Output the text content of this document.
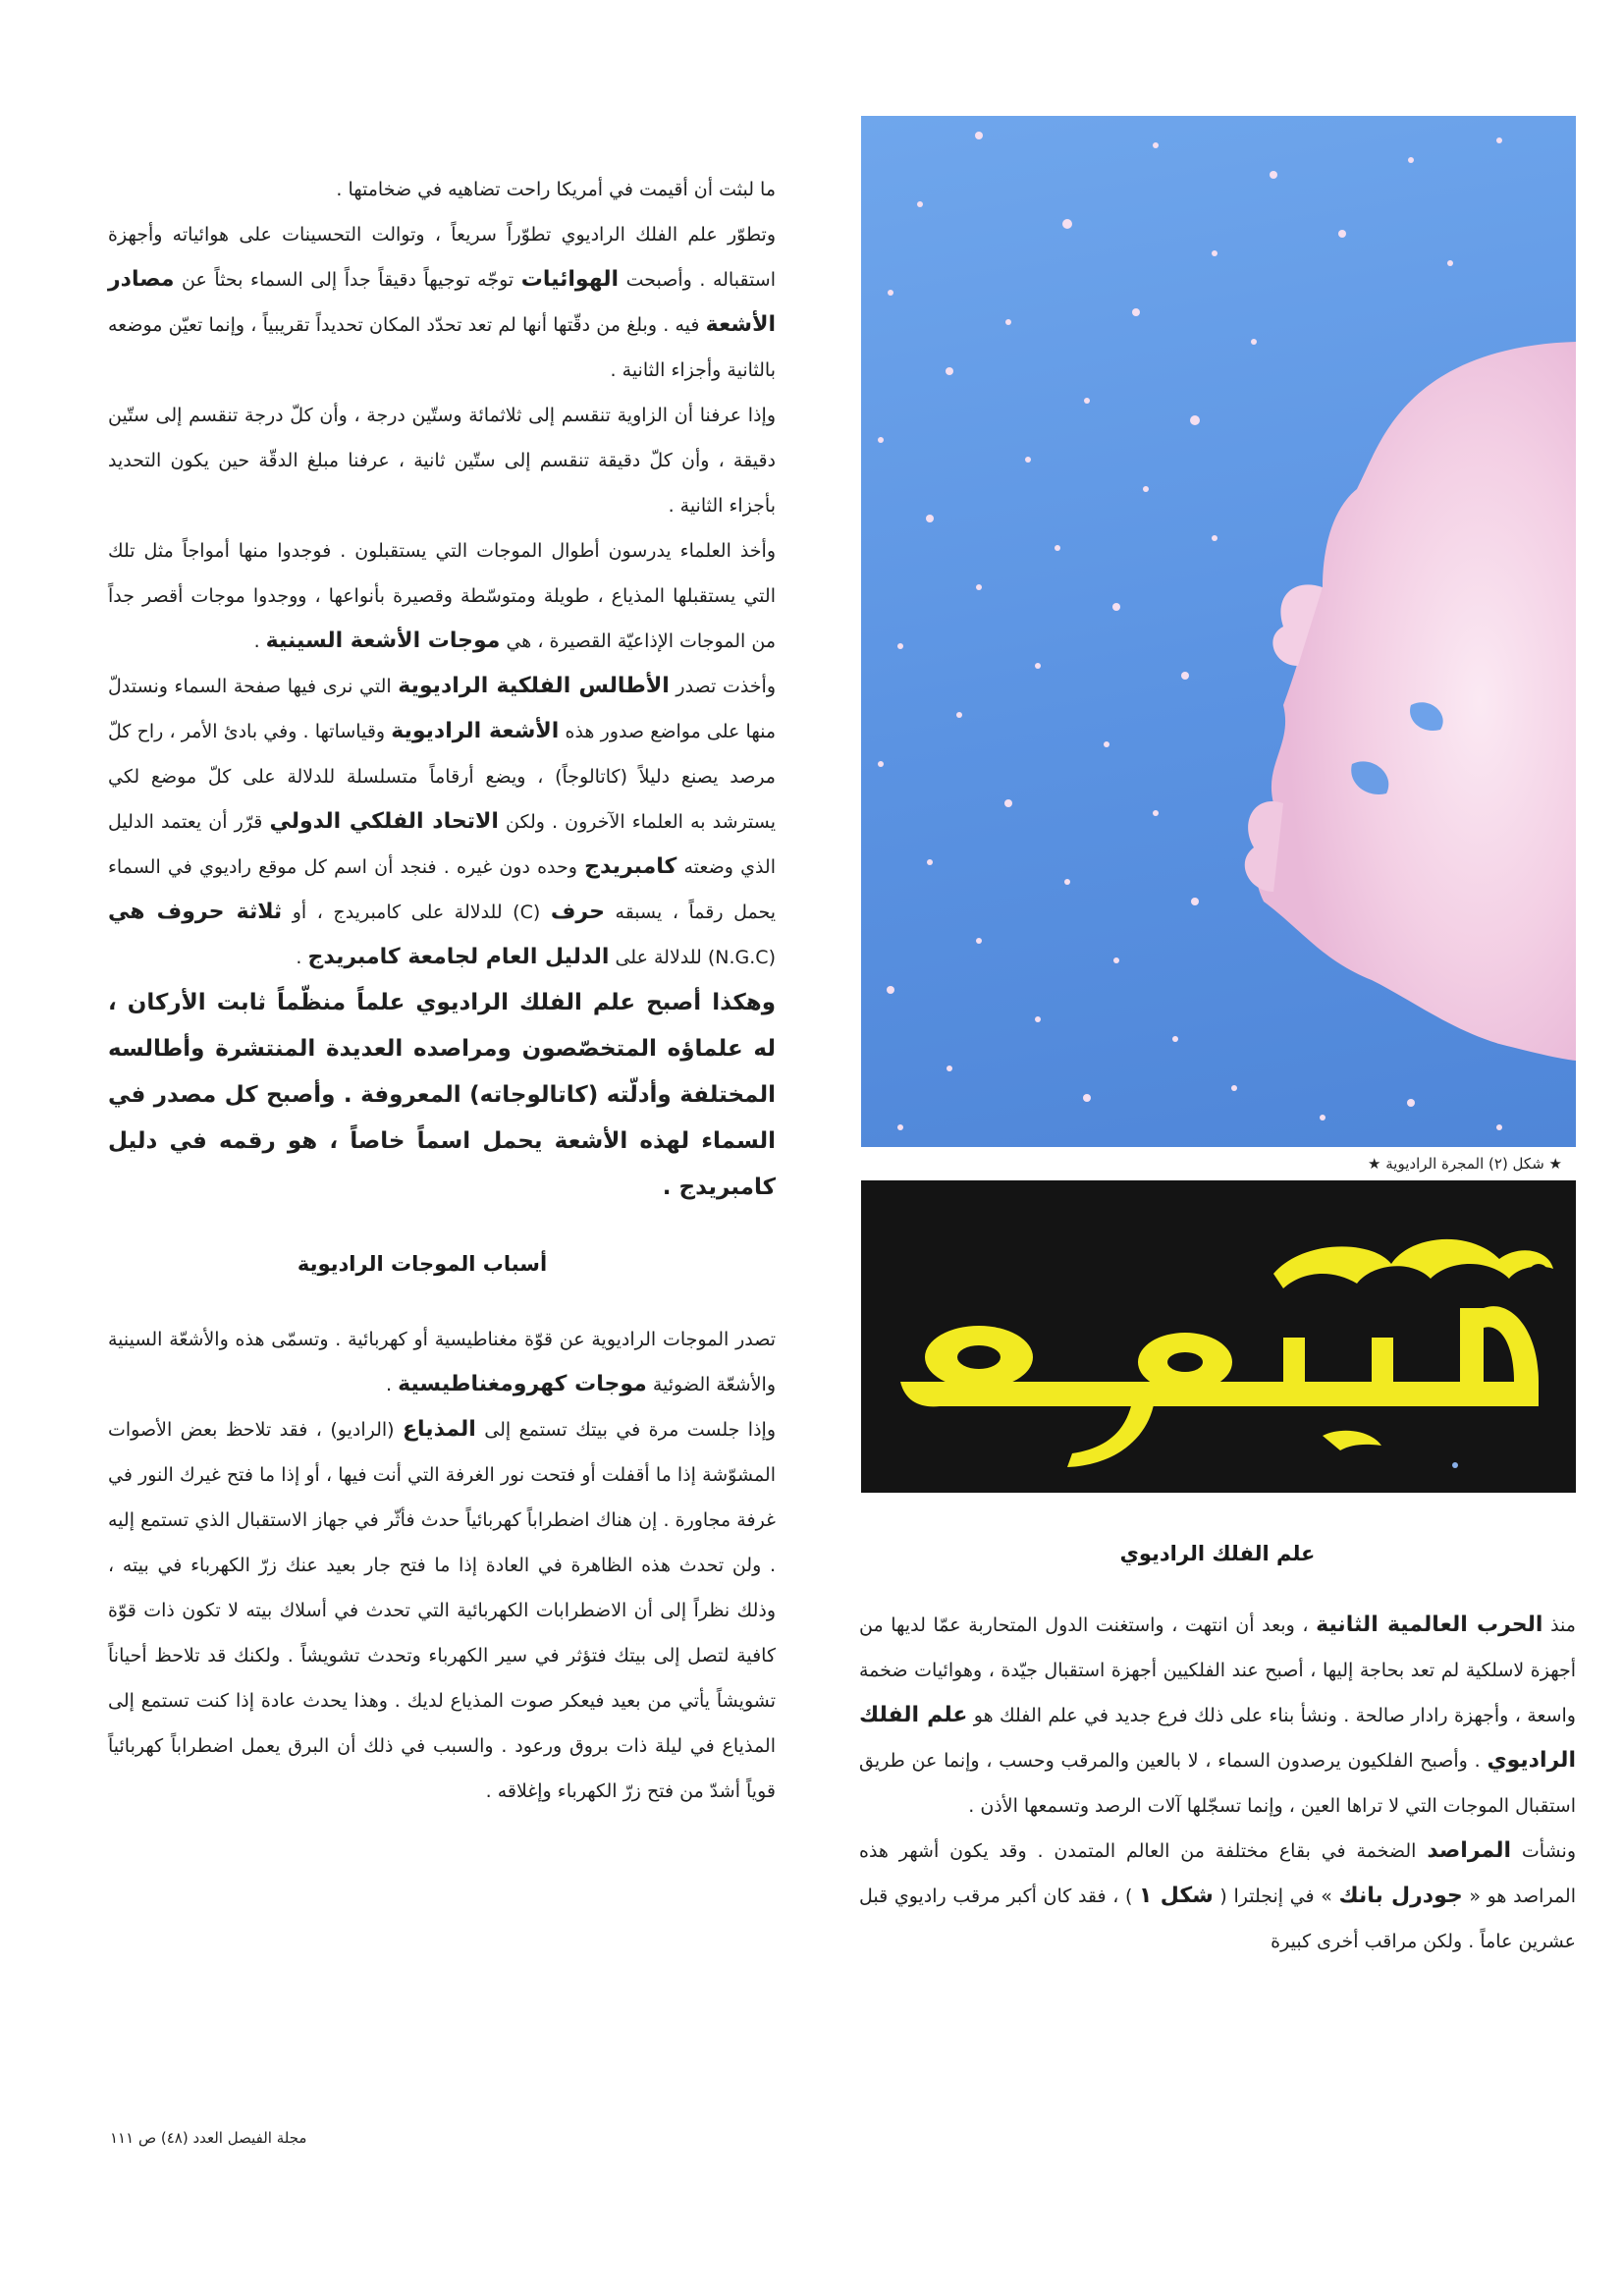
★ شكل (٢) المجرة الراديوية ★
علم الفلك الراديوي

منذ الحرب العالمية الثانية ، وبعد أن انتهت ، واستغنت الدول المتحاربة عمّا لديها من أجهزة لاسلكية لم تعد بحاجة إليها ، أصبح عند الفلكيين أجهزة استقبال جيّدة ، وهوائيات ضخمة واسعة ، وأجهزة رادار صالحة . ونشأ بناء على ذلك فرع جديد في علم الفلك هو علم الفلك الراديوي . وأصبح الفلكيون يرصدون السماء ، لا بالعين والمرقب وحسب ، وإنما عن طريق استقبال الموجات التي لا تراها العين ، وإنما تسجّلها آلات الرصد وتسمعها الأذن .

ونشأت المراصد الضخمة في بقاع مختلفة من العالم المتمدن . وقد يكون أشهر هذه المراصد هو « جودرل بانك » في إنجلترا ( شكل ١ ) ، فقد كان أكبر مرقب راديوي قبل عشرين عاماً . ولكن مراقب أخرى كبيرة

ما لبثت أن أقيمت في أمريكا راحت تضاهيه في ضخامتها .

وتطوّر علم الفلك الراديوي تطوّراً سريعاً ، وتوالت التحسينات على هوائياته وأجهزة استقباله . وأصبحت الهوائيات توجّه توجيهاً دقيقاً جداً إلى السماء بحثاً عن مصادر الأشعة فيه . وبلغ من دقّتها أنها لم تعد تحدّد المكان تحديداً تقريبياً ، وإنما تعيّن موضعه بالثانية وأجزاء الثانية .

وإذا عرفنا أن الزاوية تنقسم إلى ثلاثمائة وستّين درجة ، وأن كلّ درجة تنقسم إلى ستّين دقيقة ، وأن كلّ دقيقة تنقسم إلى ستّين ثانية ، عرفنا مبلغ الدقّة حين يكون التحديد بأجزاء الثانية .

وأخذ العلماء يدرسون أطوال الموجات التي يستقبلون . فوجدوا منها أمواجاً مثل تلك التي يستقبلها المذياع ، طويلة ومتوسّطة وقصيرة بأنواعها ، ووجدوا موجات أقصر جداً من الموجات الإذاعيّة القصيرة ، هي موجات الأشعة السينية .

وأخذت تصدر الأطالس الفلكية الراديوية التي نرى فيها صفحة السماء ونستدلّ منها على مواضع صدور هذه الأشعة الراديوية وقياساتها . وفي بادئ الأمر ، راح كلّ مرصد يصنع دليلاً (كاتالوجاً) ، ويضع أرقاماً متسلسلة للدلالة على كلّ موضع لكي يسترشد به العلماء الآخرون . ولكن الاتحاد الفلكي الدولي قرّر أن يعتمد الدليل الذي وضعته كامبريدج وحده دون غيره . فنجد أن اسم كل موقع راديوي في السماء يحمل رقماً ، يسبقه حرف (C) للدلالة على كامبريدج ، أو ثلاثة حروف هي (N.G.C) للدلالة على الدليل العام لجامعة كامبريدج .

وهكذا أصبح علم الفلك الراديوي علماً منظّماً ثابت الأركان ، له علماؤه المتخصّصون ومراصده العديدة المنتشرة وأطالسه المختلفة وأدلّته (كاتالوجاته) المعروفة . وأصبح كل مصدر في السماء لهذه الأشعة يحمل اسماً خاصاً ، هو رقمه في دليل كامبريدج .

أسباب الموجات الراديوية

تصدر الموجات الراديوية عن قوّة مغناطيسية أو كهربائية . وتسمّى هذه والأشعّة السينية والأشعّة الضوئية موجات كهرومغناطيسية .

وإذا جلست مرة في بيتك تستمع إلى المذياع (الراديو) ، فقد تلاحظ بعض الأصوات المشوّشة إذا ما أقفلت أو فتحت نور الغرفة التي أنت فيها ، أو إذا ما فتح غيرك النور في غرفة مجاورة . إن هناك اضطراباً كهربائياً حدث فأثّر في جهاز الاستقبال الذي تستمع إليه . ولن تحدث هذه الظاهرة في العادة إذا ما فتح جار بعيد عنك زرّ الكهرباء في بيته ، وذلك نظراً إلى أن الاضطرابات الكهربائية التي تحدث في أسلاك بيته لا تكون ذات قوّة كافية لتصل إلى بيتك فتؤثر في سير الكهرباء وتحدث تشويشاً . ولكنك قد تلاحظ أحياناً تشويشاً يأتي من بعيد فيعكر صوت المذياع لديك . وهذا يحدث عادة إذا كنت تستمع إلى المذياع في ليلة ذات بروق ورعود . والسبب في ذلك أن البرق يعمل اضطراباً كهربائياً قوياً أشدّ من فتح زرّ الكهرباء وإغلاقه .

مجلة الفيصل العدد (٤٨) ص ١١١
